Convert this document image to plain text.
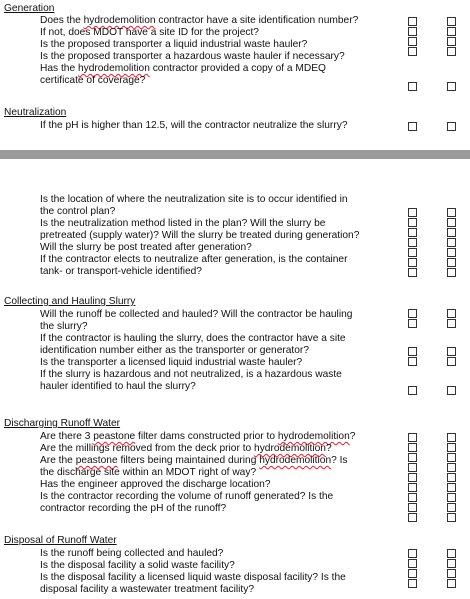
Generation
Does the hydrodemolition contractor have a site identification number?
If not, does MDOT have a site ID for the project?
Is the proposed transporter a liquid industrial waste hauler?
Is the proposed transporter a hazardous waste hauler if necessary?
Has the hydrodemolition contractor provided a copy of a MDEQ
certificate of coverage?
Neutralization
If the pH is higher than 12.5, will the contractor neutralize the slurry?
Is the location of where the neutralization site is to occur identified in
the control plan?
Is the neutralization method listed in the plan? Will the slurry be
pretreated (supply water)? Will the slurry be treated during generation?
Will the slurry be post treated after generation?
If the contractor elects to neutralize after generation, is the container
tank- or transport-vehicle identified?
Collecting and Hauling Slurry
Will the runoff be collected and hauled? Will the contractor be hauling
the slurry?
If the contractor is hauling the slurry, does the contractor have a site
identification number either as the transporter or generator?
Is the transporter a licensed liquid industrial waste hauler?
If the slurry is hazardous and not neutralized, is a hazardous waste
hauler identified to haul the slurry?
Discharging Runoff Water
Are there 3 peastone filter dams constructed prior to hydrodemolition?
Are the millings removed from the deck prior to hydrodemolition?
Are the peastone filters being maintained during hydrodemolition? Is
the discharge site within an MDOT right of way?
Has the engineer approved the discharge location?
Is the contractor recording the volume of runoff generated? Is the
contractor recording the pH of the runoff?
Disposal of Runoff Water
Is the runoff being collected and hauled?
Is the disposal facility a solid waste facility?
Is the disposal facility a licensed liquid waste disposal facility? Is the
disposal facility a wastewater treatment facility?
